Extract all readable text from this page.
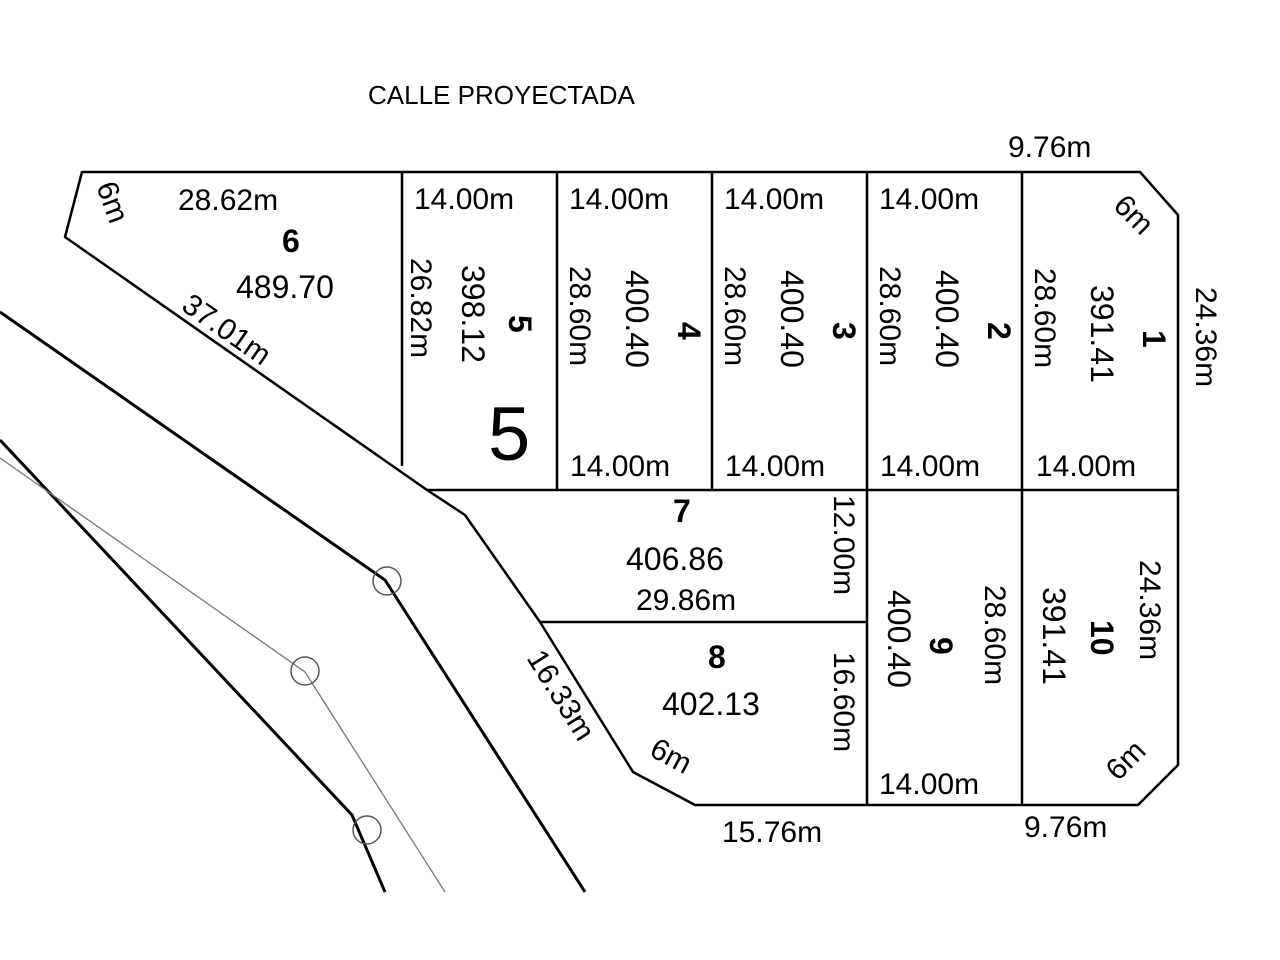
CALLE PROYECTADA
9.76m
24.36m
6m
1
391.41
28.60m
14.00m
2
400.40
28.60m
14.00m
14.00m
3
400.40
28.60m
14.00m
14.00m
4
400.40
28.60m
14.00m
14.00m
5
398.12
26.82m
14.00m
5
28.62m
6
489.70
37.01m
6m
7
406.86
29.86m
12.00m
8
402.13 16.60m
16.33m
6m
15.76m
9
400.40 28.60m
14.00m
10
391.41 24.36m
6m
9.76m
